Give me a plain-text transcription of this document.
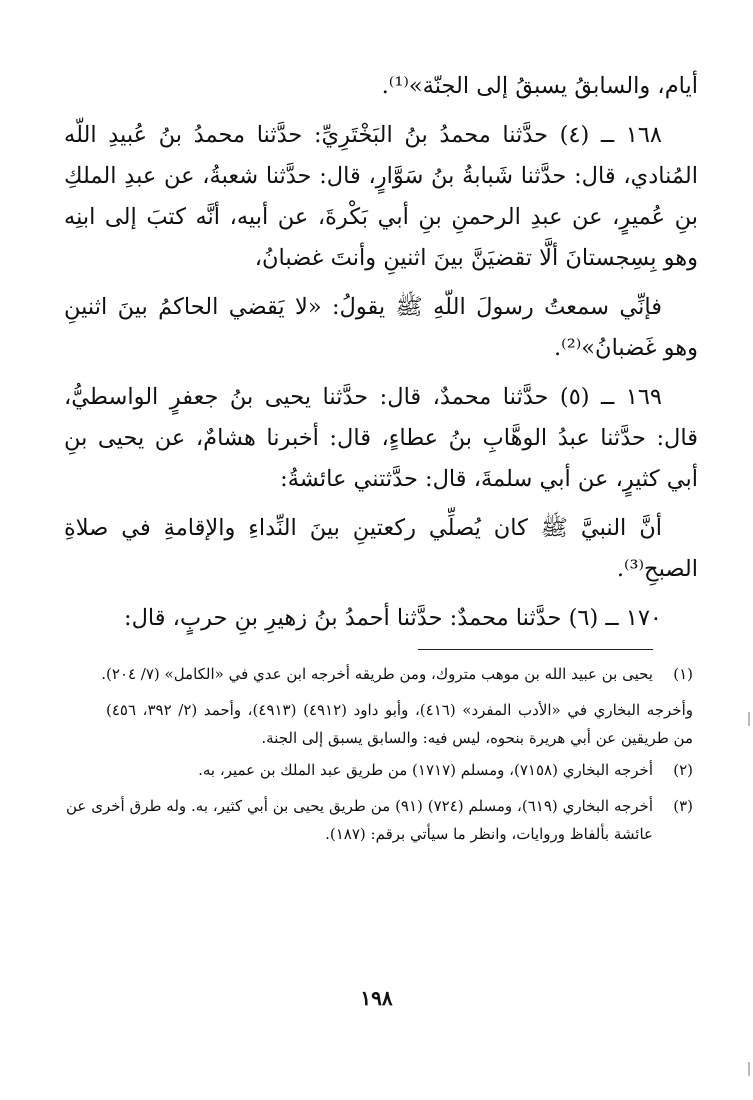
أيام، والسابقُ يسبقُ إلى الجنّة»⁽¹⁾.

١٦٨ ــ (٤) حدَّثنا محمدُ بنُ البَخْتَرِيِّ: حدَّثنا محمدُ بنُ عُبيدِ اللّه المُنادي، قال: حدَّثنا شَبابةُ بنُ سَوَّارٍ، قال: حدَّثنا شعبةُ، عن عبدِ الملكِ بنِ عُميرٍ، عن عبدِ الرحمنِ بنِ أبي بَكْرةَ، عن أبيه، أنَّه كتبَ إلى ابنِه وهو بِسِجستانَ ألَّا تقضيَنَّ بينَ اثنينِ وأنتَ غضبانُ،

فإنِّي سمعتُ رسولَ اللّهِ ﷺ يقولُ: «لا يَقضي الحاكمُ بينَ اثنينِ وهو غَضبانُ»⁽²⁾.

١٦٩ ــ (٥) حدَّثنا محمدٌ، قال: حدَّثنا يحيى بنُ جعفرٍ الواسطيُّ، قال: حدَّثنا عبدُ الوهَّابِ بنُ عطاءٍ، قال: أخبرنا هشامٌ، عن يحيى بنِ أبي كثيرٍ، عن أبي سلمةَ، قال: حدَّثتني عائشةُ:

أنَّ النبيَّ ﷺ كان يُصلِّي ركعتينِ بينَ النِّداءِ والإقامةِ في صلاةِ الصبحِ⁽³⁾.

١٧٠ ــ (٦) حدَّثنا محمدٌ: حدَّثنا أحمدُ بنُ زهيرِ بنِ حربٍ، قال:

(١)

يحيى بن عبيد الله بن موهب متروك، ومن طريقه أخرجه ابن عدي في «الكامل» (٧/ ٢٠٤).

وأخرجه البخاري في «الأدب المفرد» (٤١٦)، وأبو داود (٤٩١٢) (٤٩١٣)، وأحمد (٢/ ٣٩٢، ٤٥٦) من طريقين عن أبي هريرة بنحوه، ليس فيه: والسابق يسبق إلى الجنة.

(٢)

أخرجه البخاري (٧١٥٨)، ومسلم (١٧١٧) من طريق عبد الملك بن عمير، به.

(٣)

أخرجه البخاري (٦١٩)، ومسلم (٧٢٤) (٩١) من طريق يحيى بن أبي كثير، به. وله طرق أخرى عن عائشة بألفاظ وروايات، وانظر ما سيأتي برقم: (١٨٧).

١٩٨
